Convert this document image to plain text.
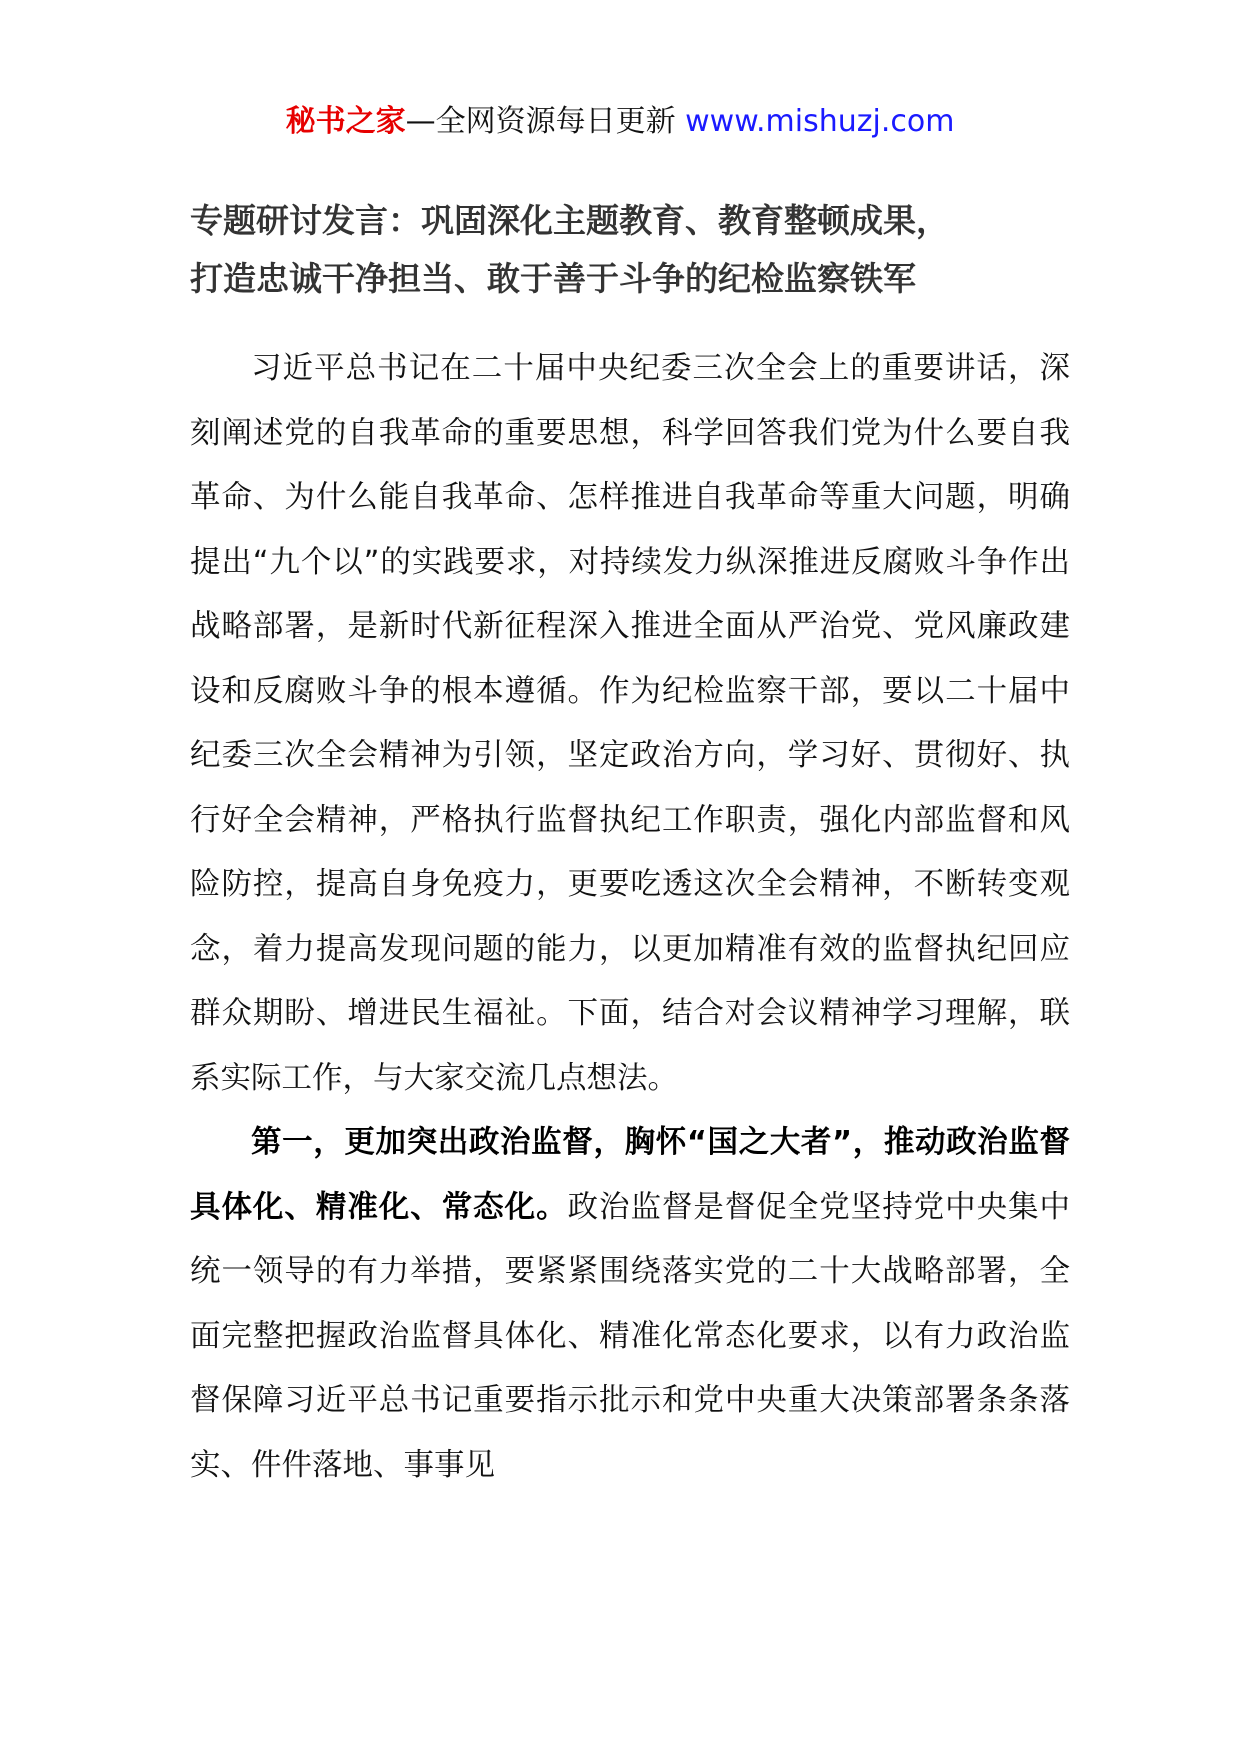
秘书之家—全网资源每日更新 www.mishuzj.com
专题研讨发言：巩固深化主题教育、教育整顿成果，
打造忠诚干净担当、敢于善于斗争的纪检监察铁军

习近平总书记在二十届中央纪委三次全会上的重要讲话，深刻阐述党的自我革命的重要思想，科学回答我们党为什么要自我革命、为什么能自我革命、怎样推进自我革命等重大问题，明确提出“九个以”的实践要求，对持续发力纵深推进反腐败斗争作出战略部署，是新时代新征程深入推进全面从严治党、党风廉政建设和反腐败斗争的根本遵循。作为纪检监察干部，要以二十届中纪委三次全会精神为引领，坚定政治方向，学习好、贯彻好、执行好全会精神，严格执行监督执纪工作职责，强化内部监督和风险防控，提高自身免疫力，更要吃透这次全会精神，不断转变观念，着力提高发现问题的能力，以更加精准有效的监督执纪回应群众期盼、增进民生福祉。下面，结合对会议精神学习理解，联系实际工作，与大家交流几点想法。

第一，更加突出政治监督，胸怀“国之大者”，推动政治监督具体化、精准化、常态化。政治监督是督促全党坚持党中央集中统一领导的有力举措，要紧紧围绕落实党的二十大战略部署，全面完整把握政治监督具体化、精准化常态化要求，以有力政治监督保障习近平总书记重要指示批示和党中央重大决策部署条条落实、件件落地、事事见
